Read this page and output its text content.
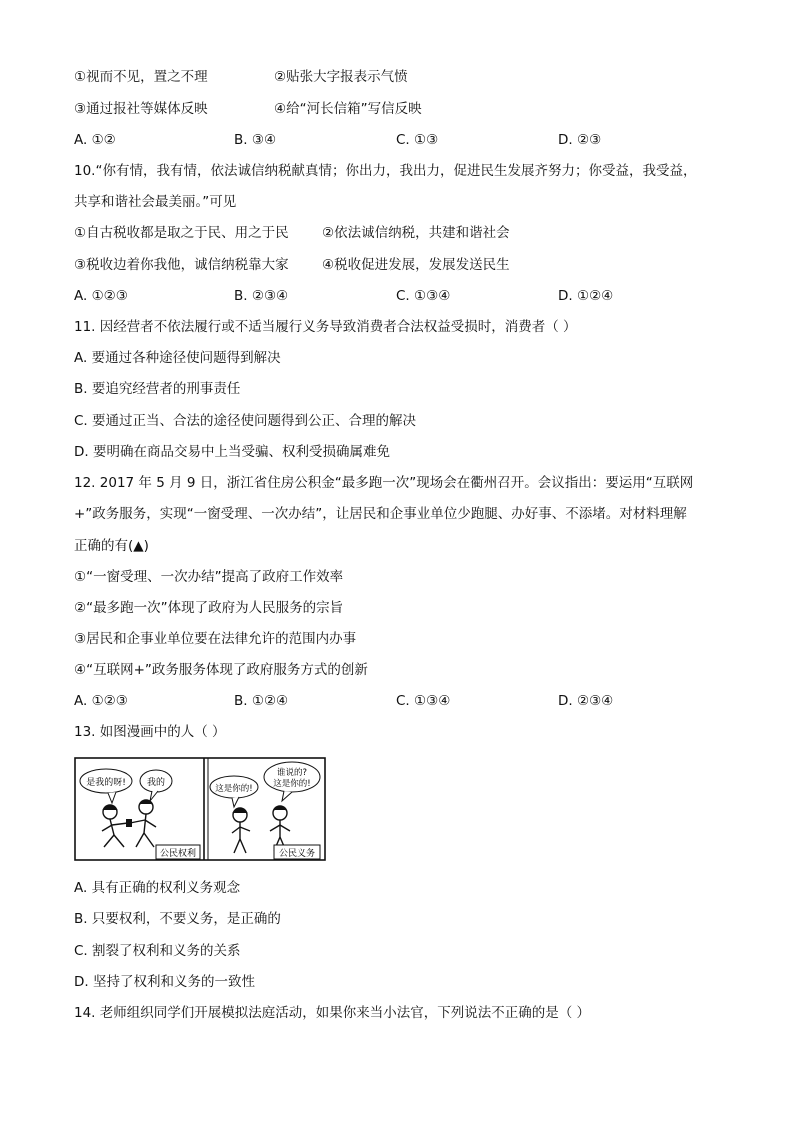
①视而不见，置之不理	②贴张大字报表示气愤
③通过报社等媒体反映	④给“河长信箱”写信反映
A. ①②	B. ③④	C. ①③	D. ②③
10.“你有情，我有情，依法诚信纳税献真情；你出力，我出力，促进民生发展齐努力；你受益，我受益，
共享和谐社会最美丽。”可见
①自古税收都是取之于民、用之于民 ②依法诚信纳税，共建和谐社会
③税收边着你我他，诚信纳税靠大家 ④税收促进发展，发展发送民生
A. ①②③	B. ②③④	C. ①③④	D. ①②④
11. 因经营者不依法履行或不适当履行义务导致消费者合法权益受损时，消费者（ ）
A. 要通过各种途径使问题得到解决
B. 要追究经营者的刑事责任
C. 要通过正当、合法的途径使问题得到公正、合理的解决
D. 要明确在商品交易中上当受骗、权利受损确属难免
12. 2017 年 5 月 9 日，浙江省住房公积金“最多跑一次”现场会在衢州召开。会议指出：要运用“互联网
+”政务服务，实现“一窗受理、一次办结”，让居民和企事业单位少跑腿、办好事、不添堵。对材料理解
正确的有(▲)
①“一窗受理、一次办结”提高了政府工作效率
②“最多跑一次”体现了政府为人民服务的宗旨
③居民和企事业单位要在法律允许的范围内办事
④“互联网+”政务服务体现了政府服务方式的创新
A. ①②③	B. ①②④	C. ①③④	D. ②③④
13. 如图漫画中的人（ ）
是我的呀! 我的
公民权利
这是你的!
谁说的?
这是你的!
公民义务
A. 具有正确的权利义务观念
B. 只要权利，不要义务，是正确的
C. 割裂了权利和义务的关系
D. 坚持了权利和义务的一致性
14. 老师组织同学们开展模拟法庭活动，如果你来当小法官，下列说法不正确的是（ ）
